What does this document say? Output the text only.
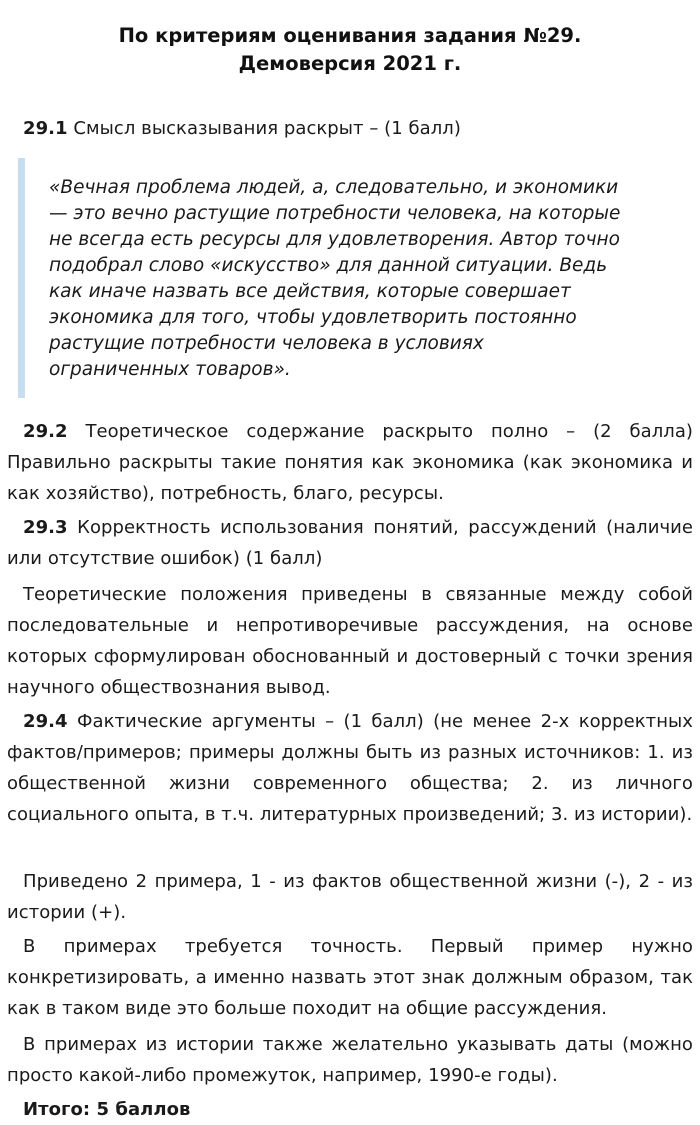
По критериям оценивания задания №29.
Демоверсия 2021 г.
29.1 Смысл высказывания раскрыт – (1 балл)
«Вечная проблема людей, а, следовательно, и экономики
— это вечно растущие потребности человека, на которые
не всегда есть ресурсы для удовлетворения. Автор точно
подобрал слово «искусство» для данной ситуации. Ведь
как иначе назвать все действия, которые совершает
экономика для того, чтобы удовлетворить постоянно
растущие потребности человека в условиях
ограниченных товаров».
29.2 Теоретическое содержание раскрыто полно – (2 балла) Правильно раскрыты такие понятия как экономика (как экономика и как хозяйство), потребность, благо, ресурсы.
29.3 Корректность использования понятий, рассуждений (наличие или отсутствие ошибок) (1 балл)
Теоретические положения приведены в связанные между собой последовательные и непротиворечивые рассуждения, на основе которых сформулирован обоснованный и достоверный с точки зрения научного обществознания вывод.
29.4 Фактические аргументы – (1 балл) (не менее 2-х корректных фактов/примеров; примеры должны быть из разных источников: 1. из общественной жизни современного общества; 2. из личного социального опыта, в т.ч. литературных произведений; 3. из истории).
Приведено 2 примера, 1 - из фактов общественной жизни (-), 2 - из истории (+).
В примерах требуется точность. Первый пример нужно конкретизировать, а именно назвать этот знак должным образом, так как в таком виде это больше походит на общие рассуждения.
В примерах из истории также желательно указывать даты (можно просто какой-либо промежуток, например, 1990-е годы).
Итого: 5 баллов
